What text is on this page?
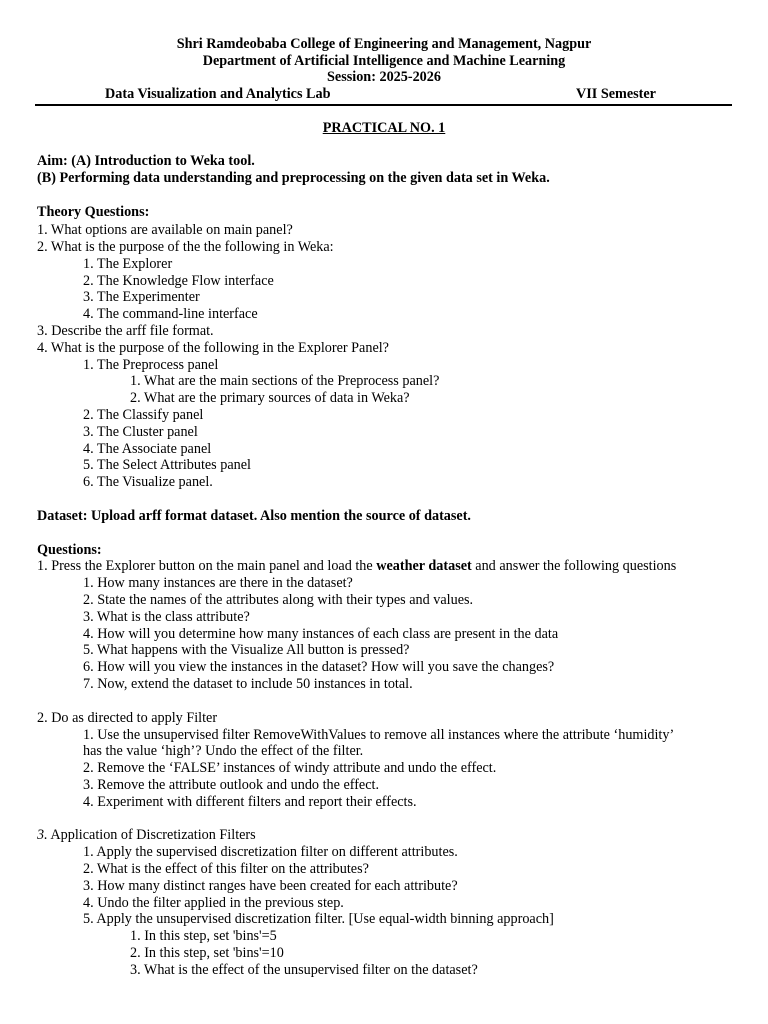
Shri Ramdeobaba College of Engineering and Management, Nagpur
Department of Artificial Intelligence and Machine Learning
Session: 2025-2026
Data Visualization and Analytics Lab	VII Semester
PRACTICAL NO. 1
Aim: (A) Introduction to Weka tool.
(B) Performing data understanding and preprocessing on the given data set in Weka.
Theory Questions:
1. What options are available on main panel?
2. What is the purpose of the the following in Weka:
1. The Explorer
2. The Knowledge Flow interface
3. The Experimenter
4. The command-line interface
3. Describe the arff file format.
4. What is the purpose of the following in the Explorer Panel?
1. The Preprocess panel
1. What are the main sections of the Preprocess panel?
2. What are the primary sources of data in Weka?
2. The Classify panel
3. The Cluster panel
4. The Associate panel
5. The Select Attributes panel
6. The Visualize panel.
Dataset: Upload arff format dataset. Also mention the source of dataset.
Questions:
1. Press the Explorer button on the main panel and load the weather dataset and answer the following questions
1. How many instances are there in the dataset?
2. State the names of the attributes along with their types and values.
3. What is the class attribute?
4. How will you determine how many instances of each class are present in the data
5. What happens with the Visualize All button is pressed?
6. How will you view the instances in the dataset? How will you save the changes?
7. Now, extend the dataset to include 50 instances in total.
2. Do as directed to apply Filter
1. Use the unsupervised filter RemoveWithValues to remove all instances where the attribute ‘humidity’
has the value ‘high’? Undo the effect of the filter.
2. Remove the ‘FALSE’ instances of windy attribute and undo the effect.
3. Remove the attribute outlook and undo the effect.
4. Experiment with different filters and report their effects.
3. Application of Discretization Filters
1. Apply the supervised discretization filter on different attributes.
2. What is the effect of this filter on the attributes?
3. How many distinct ranges have been created for each attribute?
4. Undo the filter applied in the previous step.
5. Apply the unsupervised discretization filter. [Use equal-width binning approach]
1. In this step, set 'bins'=5
2. In this step, set 'bins'=10
3. What is the effect of the unsupervised filter on the dataset?
